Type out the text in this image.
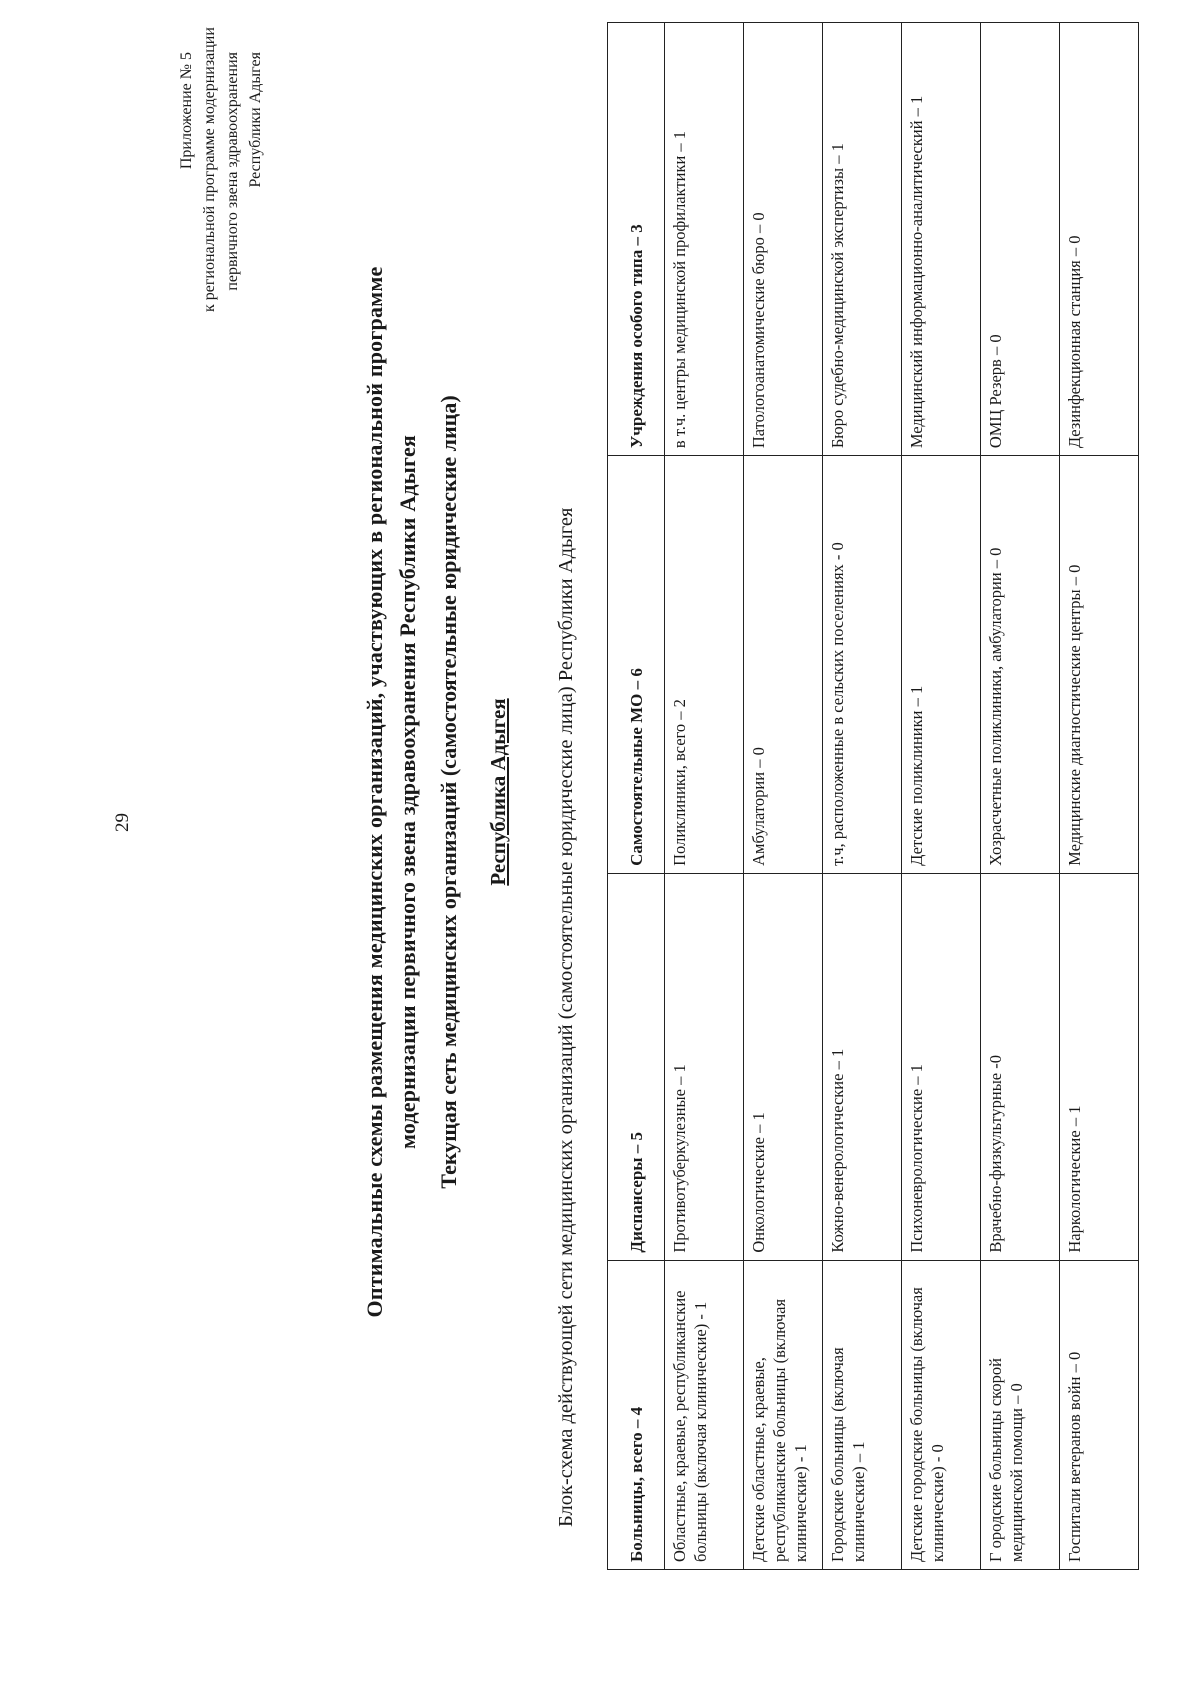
29
Приложение № 5 к региональной программе модернизации первичного звена здравоохранения Республики Адыгея
Оптимальные схемы размещения медицинских организаций, участвующих в региональной программе модернизации первичного звена здравоохранения Республики Адыгея Текущая сеть медицинских организаций (самостоятельные юридические лица) Республика Адыгея Блок-схема действующей сети медицинских организаций (самостоятельные юридические лица) Республики Адыгея	Больницы, всего – 4	Диспансеры – 5	Самостоятельные МО – 6	Учреждения особого типа – 3
Областные, краевые, республиканские больницы (включая клинические) - 1	Противотуберкулезные – 1	Поликлиники, всего – 2	в т.ч. центры медицинской профилактики – 1
Детские областные, краевые, республиканские больницы (включая клинические) - 1	Онкологические – 1	Амбулатории – 0	Патологоанатомические бюро – 0
Городские больницы (включая клинические) – 1	Кожно-венерологические – 1	т.ч, расположенные в сельских поселениях - 0	Бюро судебно-медицинской экспертизы – 1
Детские городские больницы (включая клинические) - 0	Психоневрологические – 1	Детские поликлиники – 1	Медицинский информационно-аналитический – 1
Г ородские больницы скорой медицинской помощи – 0	Врачебно-физкультурные -0	Хозрасчетные поликлиники, амбулатории – 0	ОМЦ Резерв – 0
Госпитали ветеранов войн – 0	Наркологические – 1	Медицинские диагностические центры – 0	Дезинфекционная станция – 0
